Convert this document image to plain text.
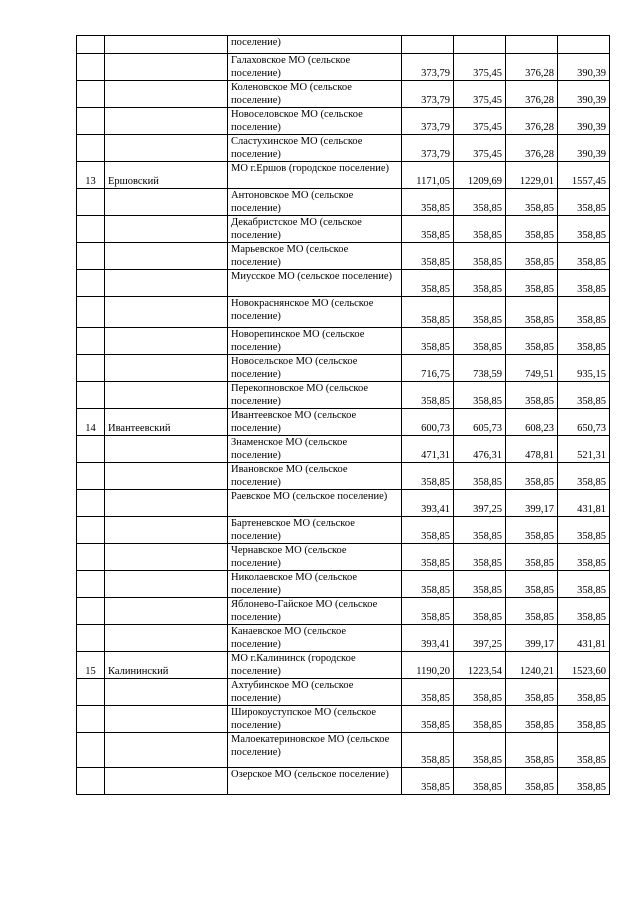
		поселение)				
		Галаховское МО (сельское поселение)	373,79	375,45	376,28	390,39
		Коленовское МО (сельское поселение)	373,79	375,45	376,28	390,39
		Новоселовское МО (сельское поселение)	373,79	375,45	376,28	390,39
		Сластухинское МО (сельское поселение)	373,79	375,45	376,28	390,39
13	Ершовский	МО г.Ершов (городское поселение)	1171,05	1209,69	1229,01	1557,45
		Антоновское МО (сельское поселение)	358,85	358,85	358,85	358,85
		Декабристское МО (сельское поселение)	358,85	358,85	358,85	358,85
		Марьевское МО (сельское поселение)	358,85	358,85	358,85	358,85
		Миусское МО (сельское поселение)	358,85	358,85	358,85	358,85
		Новокраснянское МО (сельское поселение)	358,85	358,85	358,85	358,85
		Новорепинское МО (сельское поселение)	358,85	358,85	358,85	358,85
		Новосельское МО (сельское поселение)	716,75	738,59	749,51	935,15
		Перекопновское МО (сельское поселение)	358,85	358,85	358,85	358,85
14	Ивантеевский	Ивантеевское МО (сельское поселение)	600,73	605,73	608,23	650,73
		Знаменское МО (сельское поселение)	471,31	476,31	478,81	521,31
		Ивановское МО (сельское поселение)	358,85	358,85	358,85	358,85
		Раевское МО (сельское поселение)	393,41	397,25	399,17	431,81
		Бартеневское МО (сельское поселение)	358,85	358,85	358,85	358,85
		Чернавское МО (сельское поселение)	358,85	358,85	358,85	358,85
		Николаевское МО (сельское поселение)	358,85	358,85	358,85	358,85
		Яблонево-Гайское МО (сельское поселение)	358,85	358,85	358,85	358,85
		Канаевское МО (сельское поселение)	393,41	397,25	399,17	431,81
15	Калининский	МО г.Калининск (городское поселение)	1190,20	1223,54	1240,21	1523,60
		Ахтубинское МО (сельское поселение)	358,85	358,85	358,85	358,85
		Широкоуступское МО (сельское поселение)	358,85	358,85	358,85	358,85
		Малоекатериновское МО (сельское поселение)	358,85	358,85	358,85	358,85
		Озерское МО (сельское поселение)	358,85	358,85	358,85	358,85
